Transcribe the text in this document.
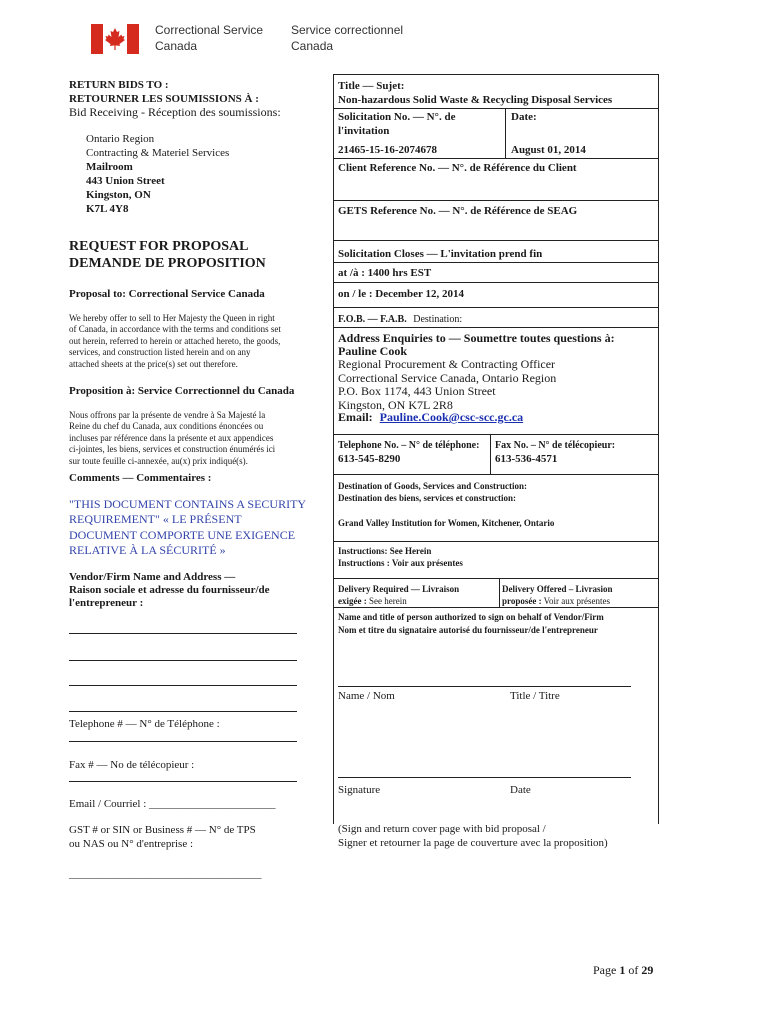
Correctional Service
Canada
Service correctionnel
Canada
RETURN BIDS TO :
RETOURNER LES SOUMISSIONS À :
Bid Receiving - Réception des soumissions:
Ontario Region
Contracting & Materiel Services
Mailroom
443 Union Street
Kingston, ON
K7L 4Y8
REQUEST FOR PROPOSAL
DEMANDE DE PROPOSITION
Proposal to: Correctional Service Canada
We hereby offer to sell to Her Majesty the Queen in right
of Canada, in accordance with the terms and conditions set
out herein, referred to herein or attached hereto, the goods,
services, and construction listed herein and on any
attached sheets at the price(s) set out therefore.
Proposition à: Service Correctionnel du Canada
Nous offrons par la présente de vendre à Sa Majesté la
Reine du chef du Canada, aux conditions énoncées ou
incluses par référence dans la présente et aux appendices
ci-jointes, les biens, services et construction énumérés ici
sur toute feuille ci-annexée, au(x) prix indiqué(s).
Comments — Commentaires :
"THIS DOCUMENT CONTAINS A SECURITY
REQUIREMENT" « LE PRÉSENT
DOCUMENT COMPORTE UNE EXIGENCE
RELATIVE À LA SÉCURITÉ »
Vendor/Firm Name and Address —
Raison sociale et adresse du fournisseur/de
l'entrepreneur :
Telephone # — N° de Téléphone :
Fax # — No de télécopieur :
Email / Courriel : _______________________
GST # or SIN or Business # — N° de TPS
ou NAS ou N° d'entreprise :
___________________________________
Title — Sujet:
Non-hazardous Solid Waste & Recycling Disposal Services
Solicitation No. — N°. de
l'invitation
Date:
21465-15-16-2074678	August 01, 2014
Client Reference No. — N°. de Référence du Client
GETS Reference No. — N°. de Référence de SEAG
Solicitation Closes — L'invitation prend fin
at /à : 1400 hrs EST
on / le : December 12, 2014
F.O.B. — F.A.B. Destination:
Address Enquiries to — Soumettre toutes questions à:
Pauline Cook
Regional Procurement & Contracting Officer
Correctional Service Canada, Ontario Region
P.O. Box 1174, 443 Union Street
Kingston, ON K7L 2R8
Email: Pauline.Cook@csc-scc.gc.ca
Telephone No. – N° de téléphone: Fax No. – N° de télécopieur:
613-545-8290	613-536-4571
Destination of Goods, Services and Construction:
Destination des biens, services et construction:
Grand Valley Institution for Women, Kitchener, Ontario
Instructions: See Herein
Instructions : Voir aux présentes
Delivery Required — Livraison
exigée : See herein
Delivery Offered – Livrasion
proposée : Voir aux présentes
Name and title of person authorized to sign on behalf of Vendor/Firm
Nom et titre du signataire autorisé du fournisseur/de l'entrepreneur
Name / Nom	Title / Titre
Signature	Date
(Sign and return cover page with bid proposal /
Signer et retourner la page de couverture avec la proposition)
Page 1 of 29
